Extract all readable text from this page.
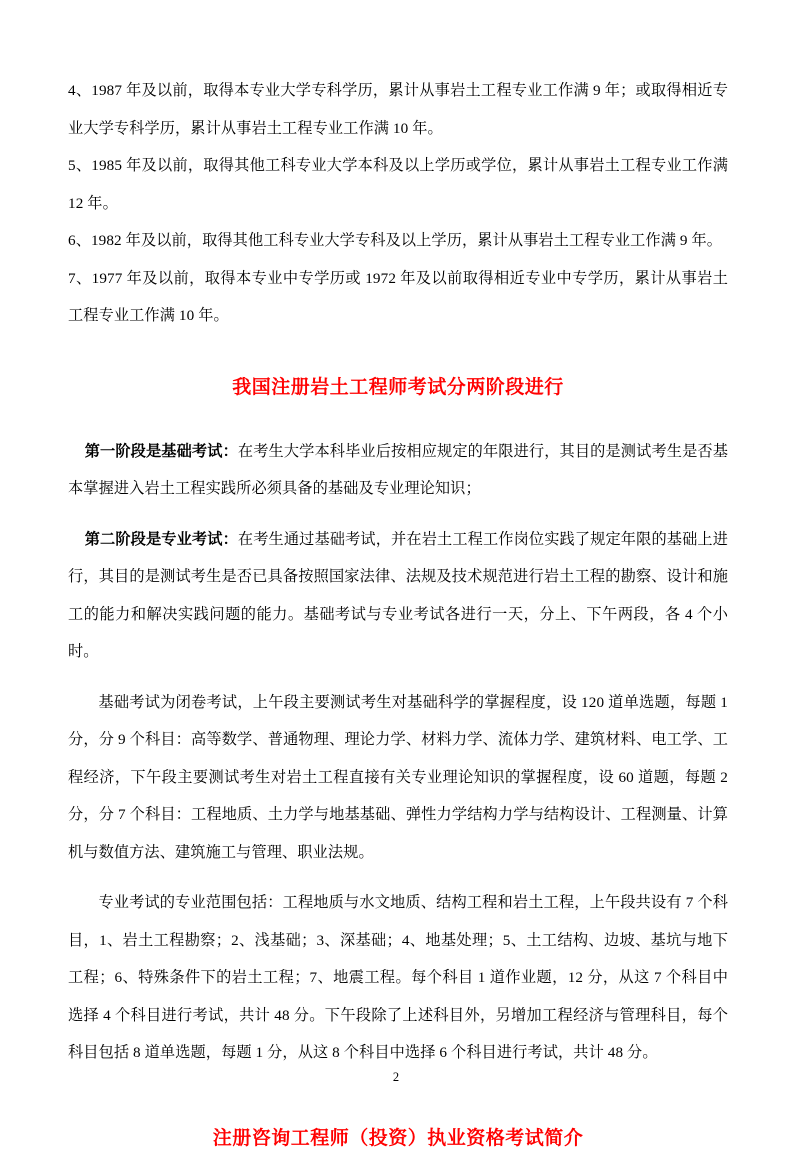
4、1987 年及以前，取得本专业大学专科学历，累计从事岩土工程专业工作满 9 年；或取得相近专业大学专科学历，累计从事岩土工程专业工作满 10 年。

5、1985 年及以前，取得其他工科专业大学本科及以上学历或学位，累计从事岩土工程专业工作满 12 年。

6、1982 年及以前，取得其他工科专业大学专科及以上学历，累计从事岩土工程专业工作满 9 年。

7、1977 年及以前，取得本专业中专学历或 1972 年及以前取得相近专业中专学历，累计从事岩土工程专业工作满 10 年。

我国注册岩土工程师考试分两阶段进行

第一阶段是基础考试：在考生大学本科毕业后按相应规定的年限进行，其目的是测试考生是否基本掌握进入岩土工程实践所必须具备的基础及专业理论知识；

第二阶段是专业考试：在考生通过基础考试，并在岩土工程工作岗位实践了规定年限的基础上进行，其目的是测试考生是否已具备按照国家法律、法规及技术规范进行岩土工程的勘察、设计和施工的能力和解决实践问题的能力。基础考试与专业考试各进行一天，分上、下午两段，各 4 个小时。

基础考试为闭卷考试，上午段主要测试考生对基础科学的掌握程度，设 120 道单选题，每题 1 分，分 9 个科目：高等数学、普通物理、理论力学、材料力学、流体力学、建筑材料、电工学、工程经济，下午段主要测试考生对岩土工程直接有关专业理论知识的掌握程度，设 60 道题，每题 2 分，分 7 个科目：工程地质、土力学与地基基础、弹性力学结构力学与结构设计、工程测量、计算机与数值方法、建筑施工与管理、职业法规。

专业考试的专业范围包括：工程地质与水文地质、结构工程和岩土工程，上午段共设有 7 个科目，1、岩土工程勘察；2、浅基础；3、深基础；4、地基处理；5、土工结构、边坡、基坑与地下工程；6、特殊条件下的岩土工程；7、地震工程。每个科目 1 道作业题，12 分，从这 7 个科目中选择 4 个科目进行考试，共计 48 分。下午段除了上述科目外，另增加工程经济与管理科目，每个科目包括 8 道单选题，每题 1 分，从这 8 个科目中选择 6 个科目进行考试，共计 48 分。

注册咨询工程师（投资）执业资格考试简介

2
